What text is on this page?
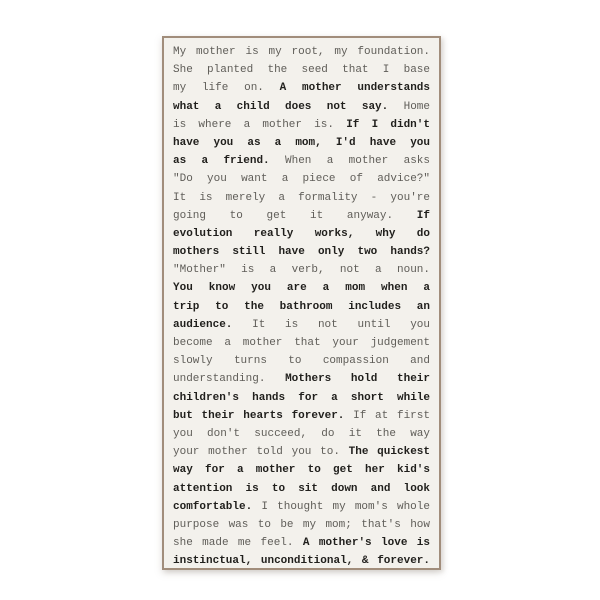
My mother is my root, my foundation.
She planted the seed that I base
my life on. A mother understands
what a child does not say. Home
is where a mother is. If I didn't
have you as a mom, I'd have you
as a friend. When a mother asks
"Do you want a piece of advice?"
It is merely a formality - you're
going to get it anyway. If
evolution really works, why do
mothers still have only two hands?
"Mother" is a verb, not a noun.
You know you are a mom when a
trip to the bathroom includes an
audience. It is not until you
become a mother that your judgement
slowly turns to compassion and
understanding. Mothers hold their
children's hands for a short while
but their hearts forever. If at first
you don't succeed, do it the way
your mother told you to. The quickest
way for a mother to get her kid's
attention is to sit down and look
comfortable. I thought my mom's whole
purpose was to be my mom; that's how
she made me feel. A mother's love is
instinctual, unconditional, & forever.
